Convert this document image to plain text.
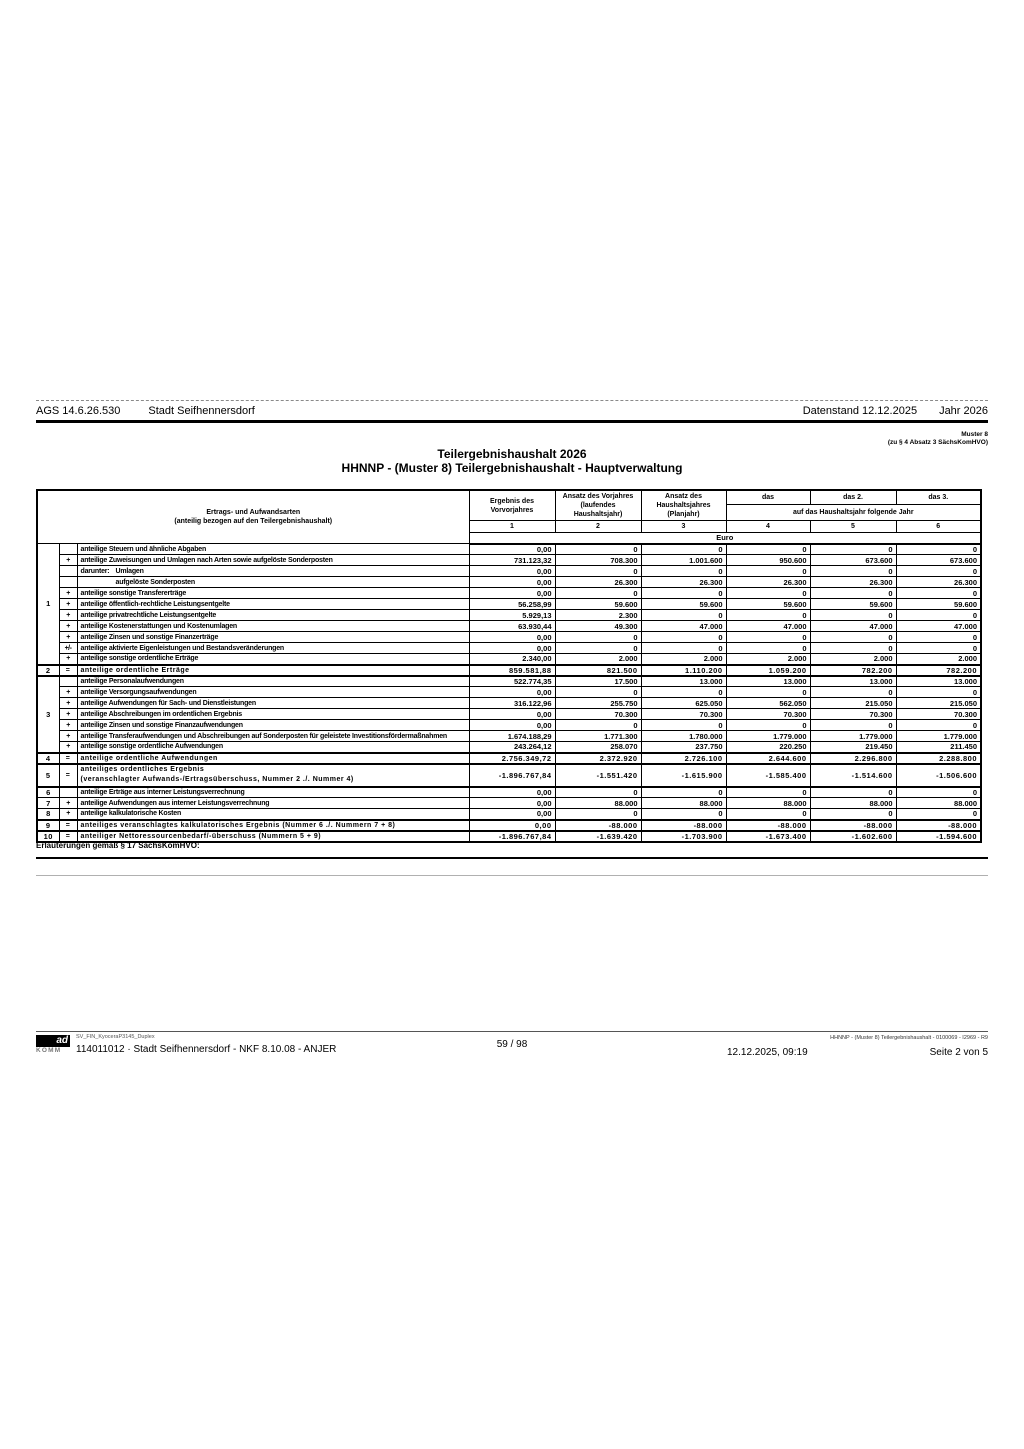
AGS 14.6.26.530	Stadt Seifhennersdorf	Datenstand 12.12.2025 Jahr 2026
Muster 8
(zu § 4 Absatz 3 SächsKomHVO)
Teilergebnishaushalt 2026
HHNNP - (Muster 8) Teilergebnishaushalt - Hauptverwaltung
Ertrags- und Aufwandsarten
(anteilig bezogen auf den Teilergebnishaushalt)			Ergebnis des Vorvorjahres	Ansatz des Vorjahres (laufendes Haushaltsjahr)	Ansatz des Haushaltsjahres (Planjahr)	das	das 2.	das 3.
						auf das Haushaltsjahr folgende Jahr		
			1	2	3	4	5	6
			Euro					
1		anteilige Steuern und ähnliche Abgaben	0,00	0	0	0	0	0
	+	anteilige Zuweisungen und Umlagen nach Arten sowie aufgelöste Sonderposten	731.123,32	708.300	1.001.600	950.600	673.600	673.600
		darunter: Umlagen	0,00	0	0	0	0	0
		aufgelöste Sonderposten	0,00	26.300	26.300	26.300	26.300	26.300
	+	anteilige sonstige Transfererträge	0,00	0	0	0	0	0
	+	anteilige öffentlich-rechtliche Leistungsentgelte	56.258,99	59.600	59.600	59.600	59.600	59.600
	+	anteilige privatrechtliche Leistungsentgelte	5.929,13	2.300	0	0	0	0
	+	anteilige Kostenerstattungen und Kostenumlagen	63.930,44	49.300	47.000	47.000	47.000	47.000
	+	anteilige Zinsen und sonstige Finanzerträge	0,00	0	0	0	0	0
	+/-	anteilige aktivierte Eigenleistungen und Bestandsveränderungen	0,00	0	0	0	0	0
	+	anteilige sonstige ordentliche Erträge	2.340,00	2.000	2.000	2.000	2.000	2.000
2	=	anteilige ordentliche Erträge	859.581,88	821.500	1.110.200	1.059.200	782.200	782.200
3		anteilige Personalaufwendungen	522.774,35	17.500	13.000	13.000	13.000	13.000
	+	anteilige Versorgungsaufwendungen	0,00	0	0	0	0	0
	+	anteilige Aufwendungen für Sach- und Dienstleistungen	316.122,96	255.750	625.050	562.050	215.050	215.050
	+	anteilige Abschreibungen im ordentlichen Ergebnis	0,00	70.300	70.300	70.300	70.300	70.300
	+	anteilige Zinsen und sonstige Finanzaufwendungen	0,00	0	0	0	0	0
	+	anteilige Transferaufwendungen und Abschreibungen auf Sonderposten für geleistete Investitionsfördermaßnahmen	1.674.188,29	1.771.300	1.780.000	1.779.000	1.779.000	1.779.000
	+	anteilige sonstige ordentliche Aufwendungen	243.264,12	258.070	237.750	220.250	219.450	211.450
4	=	anteilige ordentliche Aufwendungen	2.756.349,72	2.372.920	2.726.100	2.644.600	2.296.800	2.288.800
5	=	anteiliges ordentliches Ergebnis
(veranschlagter Aufwands-/Ertragsüberschuss, Nummer 2 ./. Nummer 4)	-1.896.767,84	-1.551.420	-1.615.900	-1.585.400	-1.514.600	-1.506.600
6		anteilige Erträge aus interner Leistungsverrechnung	0,00	0	0	0	0	0
7	+	anteilige Aufwendungen aus interner Leistungsverrechnung	0,00	88.000	88.000	88.000	88.000	88.000
8	+	anteilige kalkulatorische Kosten	0,00	0	0	0	0	0
9	=	anteiliges veranschlagtes kalkulatorisches Ergebnis (Nummer 6 ./. Nummern 7 + 8)	0,00	-88.000	-88.000	-88.000	-88.000	-88.000
10	=	anteiliger Nettoressourcenbedarf/-überschuss (Nummern 5 + 9)	-1.896.767,84	-1.639.420	-1.703.900	-1.673.400	-1.602.600	-1.594.600
Erläuterungen gemäß § 17 SächsKomHVO:
ad
KOMM
SV_FIN_KyoceraP3145_Duplex
114011012 · Stadt Seifhennersdorf - NKF 8.10.08 - ANJER	59 / 98
HHNNP - (Muster 8) Teilergebnishaushalt - 0100069 - I2969 - R9
12.12.2025, 09:19	Seite 2 von 5
